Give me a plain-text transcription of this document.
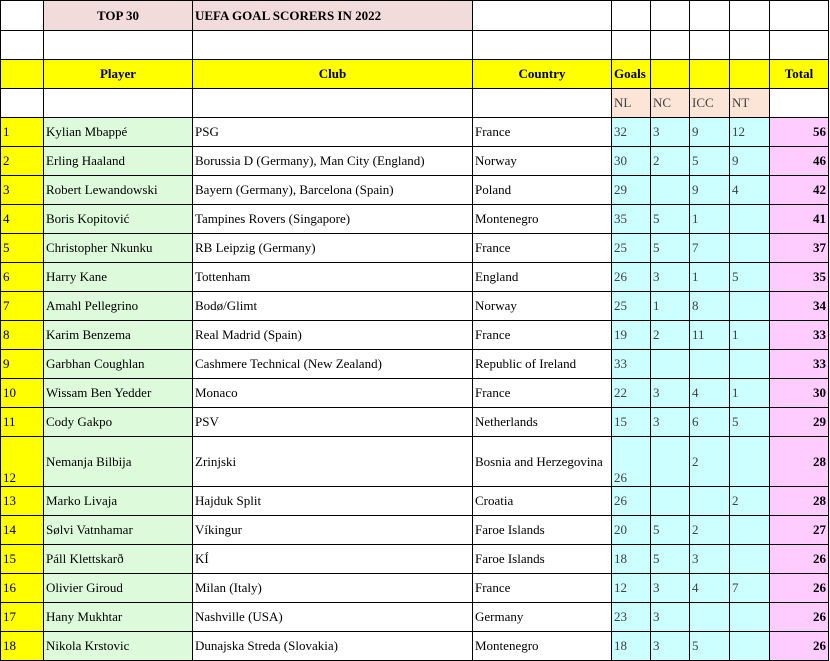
	TOP 30	UEFA GOAL SCORERS IN 2022						

	Player	Club	Country	Goals				Total
				NL	NC	ICC	NT	
1	Kylian Mbappé	PSG	France	32	3	9	12	56
2	Erling Haaland	Borussia D (Germany), Man City (England)	Norway	30	2	5	9	46
3	Robert Lewandowski	Bayern (Germany), Barcelona (Spain)	Poland	29		9	4	42
4	Boris Kopitović	Tampines Rovers (Singapore)	Montenegro	35	5	1		41
5	Christopher Nkunku	RB Leipzig (Germany)	France	25	5	7		37
6	Harry Kane	Tottenham	England	26	3	1	5	35
7	Amahl Pellegrino	Bodø/Glimt	Norway	25	1	8		34
8	Karim Benzema	Real Madrid (Spain)	France	19	2	11	1	33
9	Garbhan Coughlan	Cashmere Technical (New Zealand)	Republic of Ireland	33				33
10	Wissam Ben Yedder	Monaco	France	22	3	4	1	30
11	Cody Gakpo	PSV	Netherlands	15	3	6	5	29
12	Nemanja Bilbija	Zrinjski	Bosnia and Herzegovina	26		2		28
13	Marko Livaja	Hajduk Split	Croatia	26			2	28
14	Sølvi Vatnhamar	Víkingur	Faroe Islands	20	5	2		27
15	Páll Klettskarð	KÍ	Faroe Islands	18	5	3		26
16	Olivier Giroud	Milan (Italy)	France	12	3	4	7	26
17	Hany Mukhtar	Nashville (USA)	Germany	23	3			26
18	Nikola Krstovic	Dunajska Streda (Slovakia)	Montenegro	18	3	5		26
